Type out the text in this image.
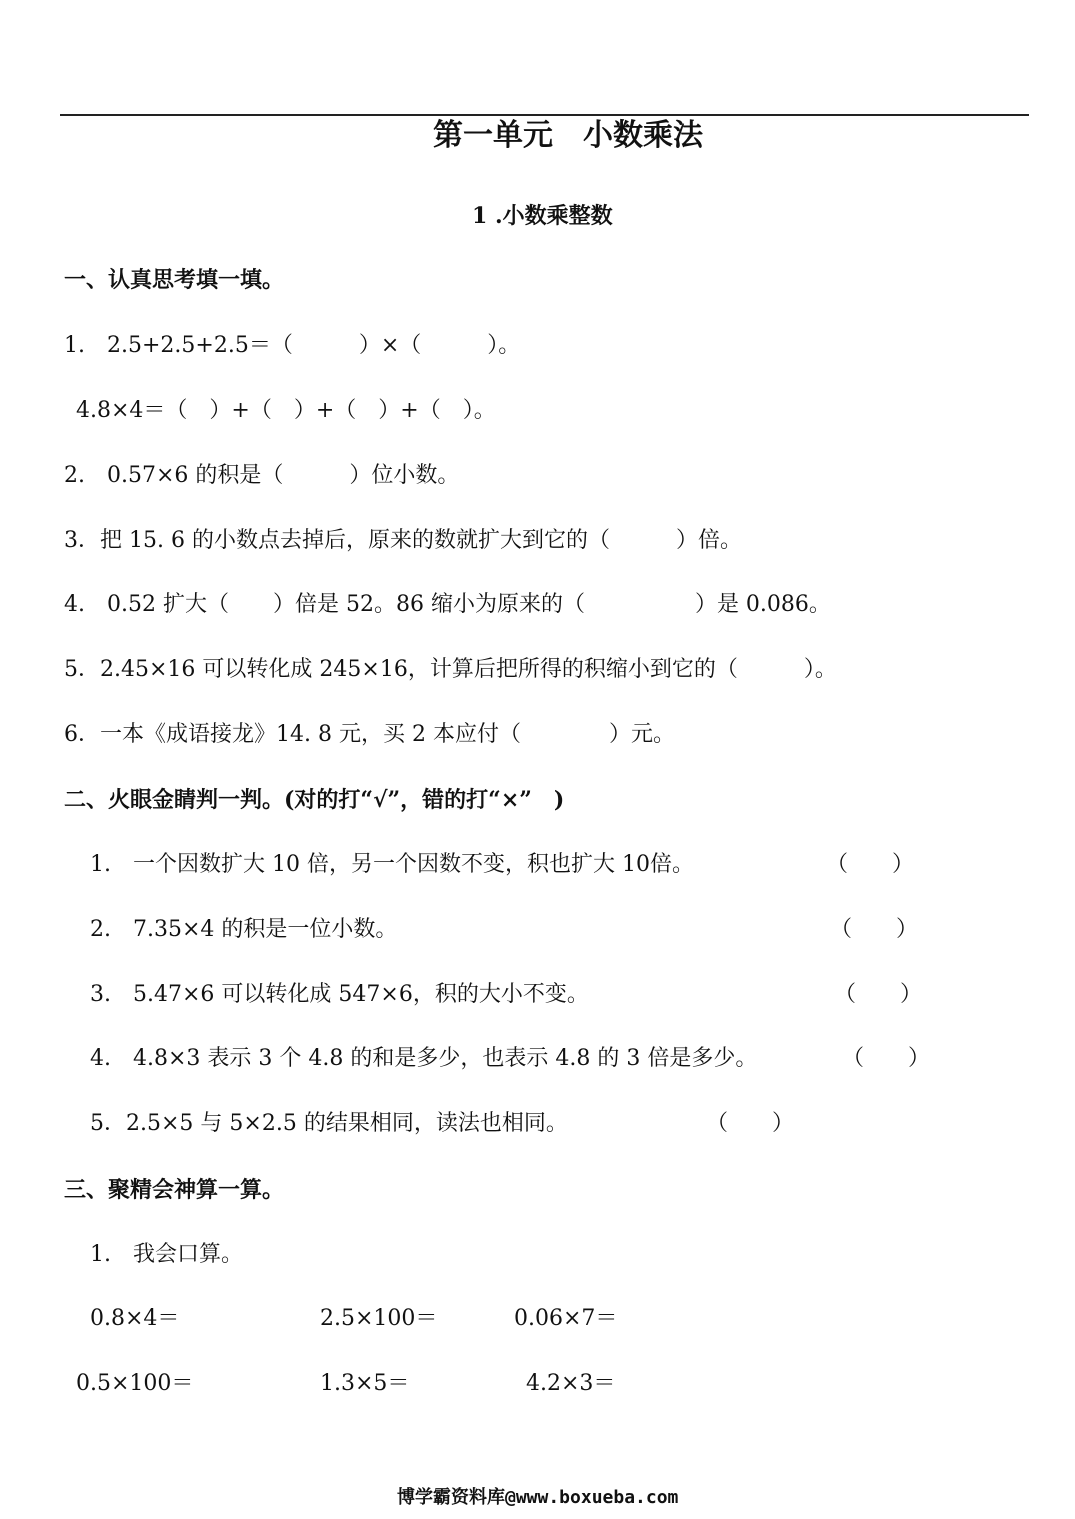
第一单元　小数乘法
1 .小数乘整数
一、认真思考填一填。
1.　2.5+2.5+2.5＝（　　　）×（　　　）。
4.8×4＝（　）+（　）+（　）+（　）。
2.　0.57×6 的积是（　　　）位小数。
3．把 15. 6 的小数点去掉后，原来的数就扩大到它的（　　　）倍。
4.　0.52 扩大（　　）倍是 52。86 缩小为原来的（　　　　　）是 0.086。
5．2.45×16 可以转化成 245×16，计算后把所得的积缩小到它的（　　　）。
6．一本《成语接龙》14. 8 元，买 2 本应付（　　　　）元。
二、火眼金睛判一判。(对的打“√”，错的打“×”　)
1.　一个因数扩大 10 倍，另一个因数不变，积也扩大 10倍。	（　　）
2.　7.35×4 的积是一位小数。	（　　）
3.　5.47×6 可以转化成 547×6，积的大小不变。	（　　）
4.　4.8×3 表示 3 个 4.8 的和是多少，也表示 4.8 的 3 倍是多少。	（　　）
5．2.5×5 与 5×2.5 的结果相同，读法也相同。	（　　）
三、聚精会神算一算。
1.　我会口算。
0.8×4＝	2.5×100＝	0.06×7＝
0.5×100＝	1.3×5＝	4.2×3＝
博学霸资料库@www.boxueba.com
